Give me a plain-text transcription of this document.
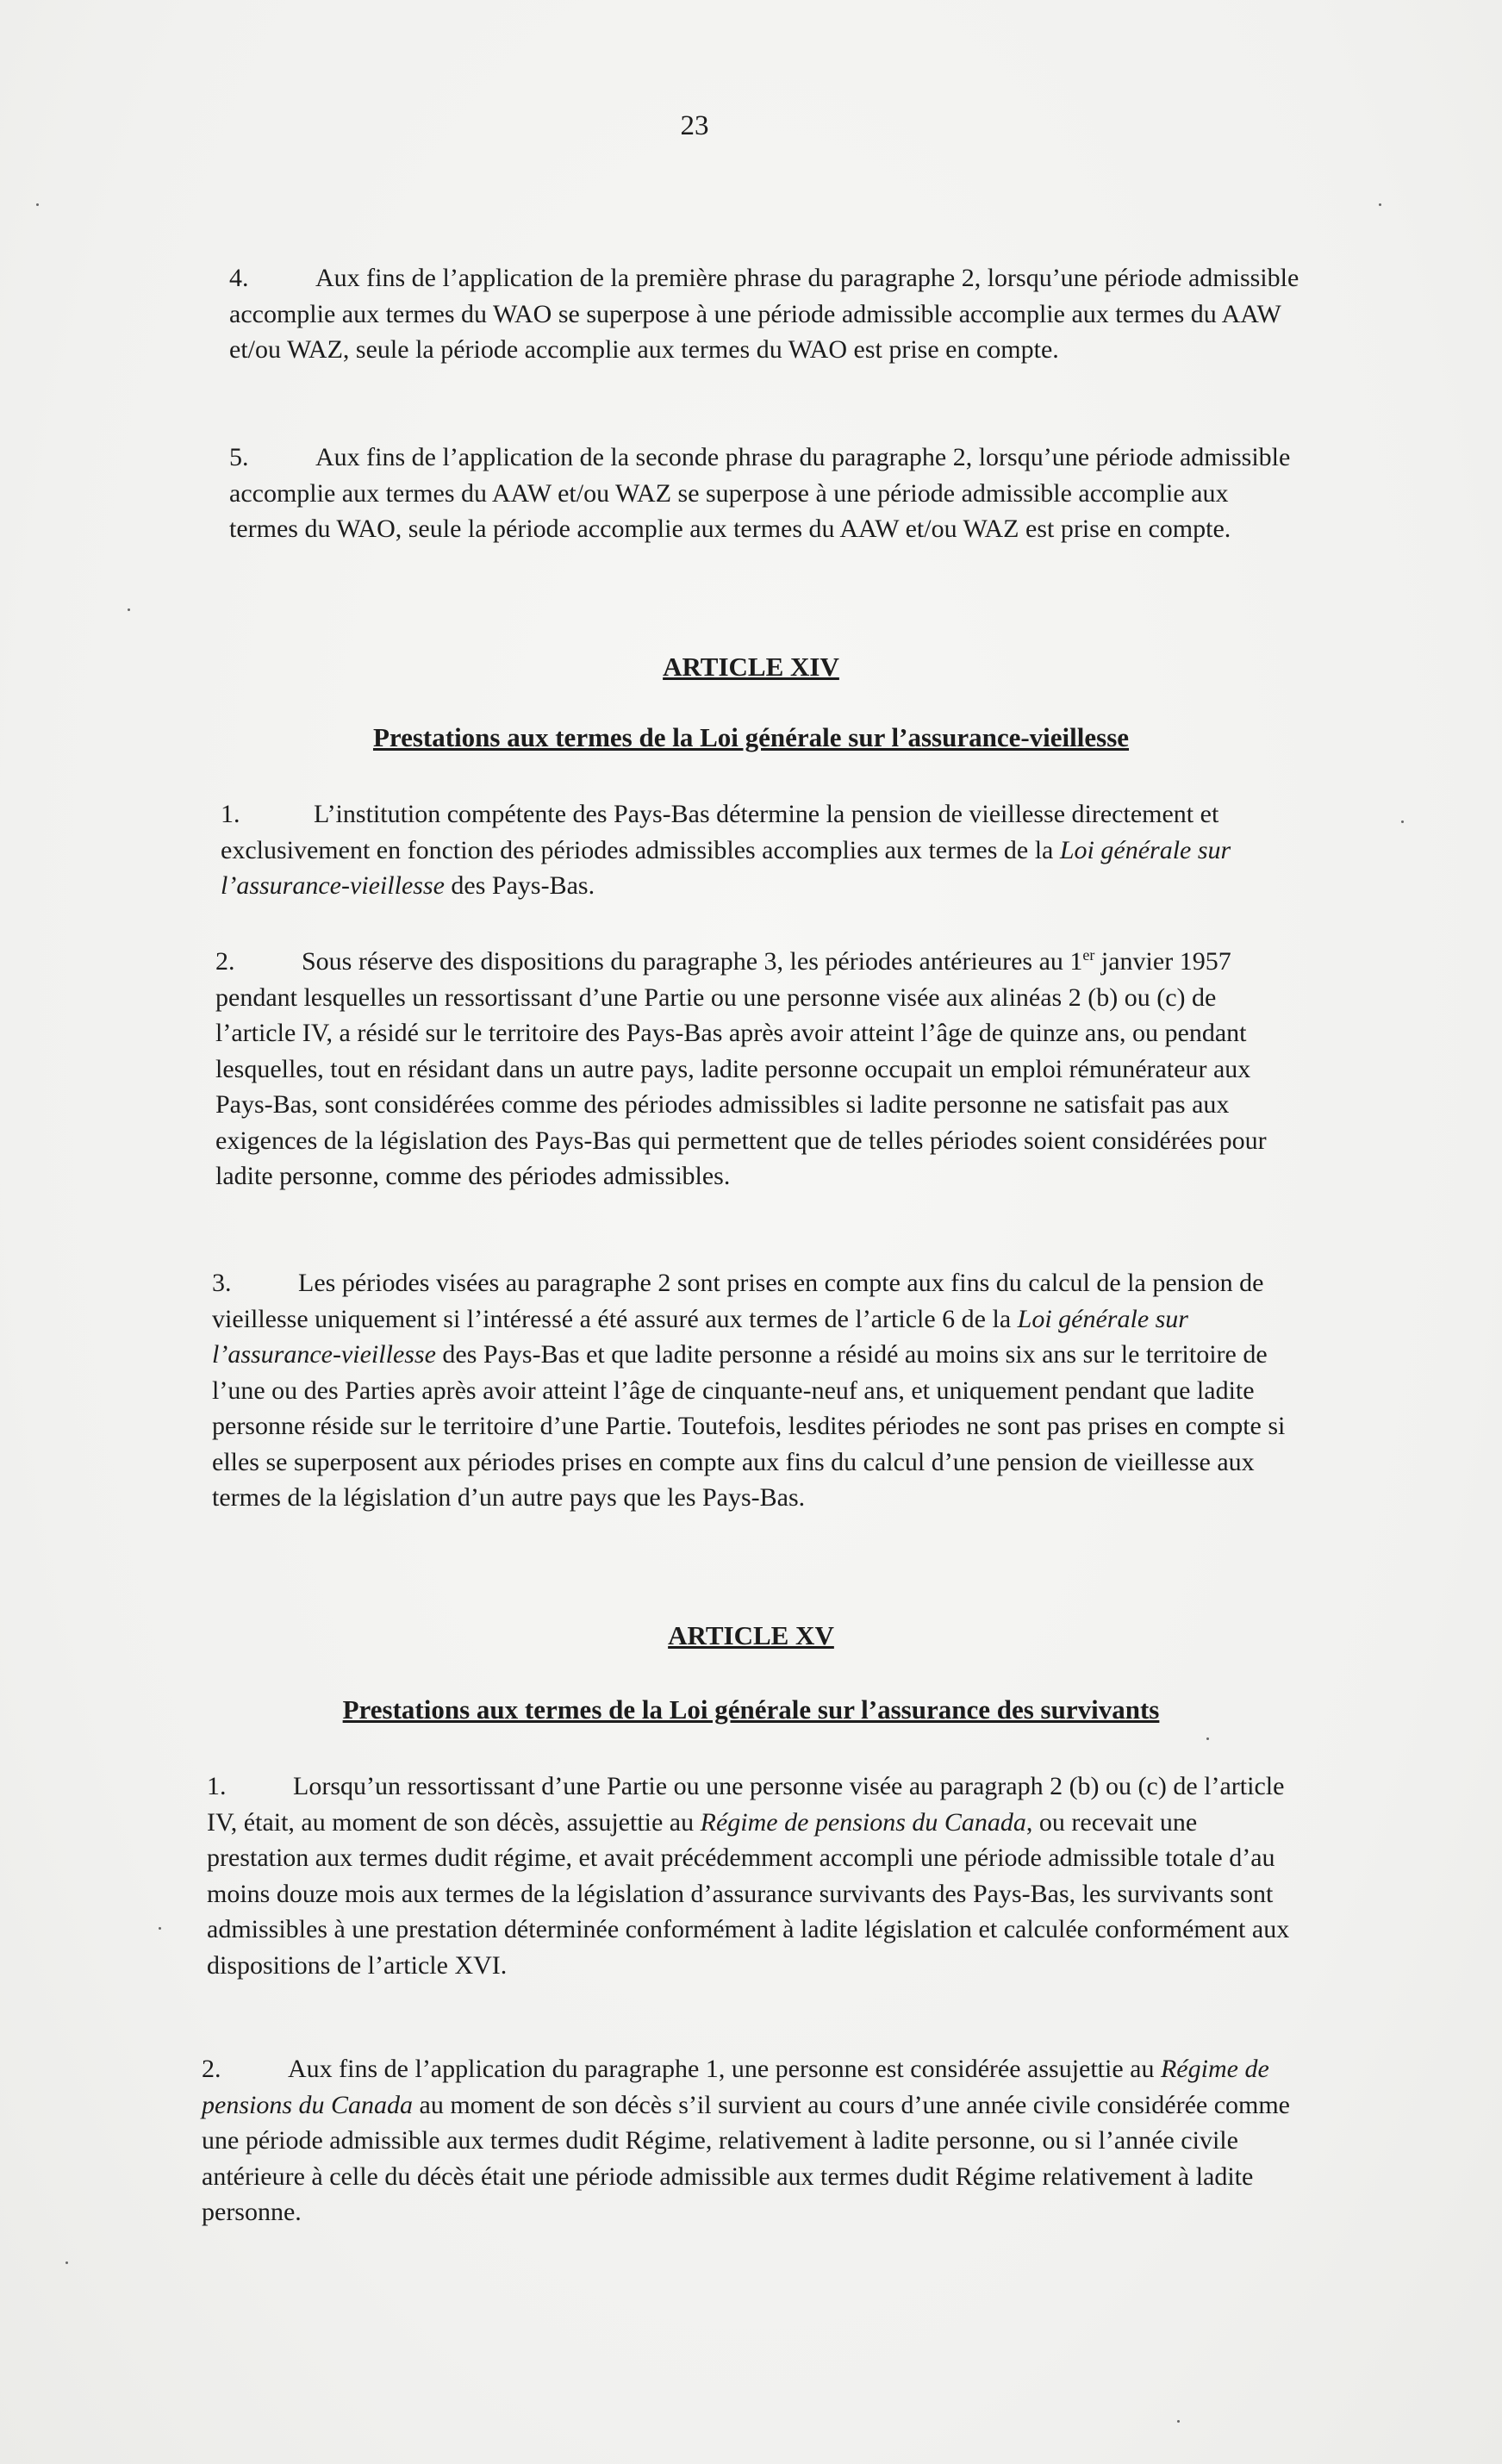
23

4.	Aux fins de l’application de la première phrase du paragraphe 2, lorsqu’une période admissible accomplie aux termes du WAO se superpose à une période admissible accomplie aux termes du AAW et/ou WAZ, seule la période accomplie aux termes du WAO est prise en compte.

5.	Aux fins de l’application de la seconde phrase du paragraphe 2, lorsqu’une période admissible accomplie aux termes du AAW et/ou WAZ se superpose à une période admissible accomplie aux termes du WAO, seule la période accomplie aux termes du AAW et/ou WAZ est prise en compte.

ARTICLE XIV
Prestations aux termes de la Loi générale sur l’assurance-vieillesse

1.	L’institution compétente des Pays-Bas détermine la pension de vieillesse directement et exclusivement en fonction des périodes admissibles accomplies aux termes de la Loi générale sur l’assurance-vieillesse des Pays-Bas.

2.	Sous réserve des dispositions du paragraphe 3, les périodes antérieures au 1er janvier 1957 pendant lesquelles un ressortissant d’une Partie ou une personne visée aux alinéas 2 (b) ou (c) de l’article IV, a résidé sur le territoire des Pays-Bas après avoir atteint l’âge de quinze ans, ou pendant lesquelles, tout en résidant dans un autre pays, ladite personne occupait un emploi rémunérateur aux Pays-Bas, sont considérées comme des périodes admissibles si ladite personne ne satisfait pas aux exigences de la législation des Pays-Bas qui permettent que de telles périodes soient considérées pour ladite personne, comme des périodes admissibles.

3.	Les périodes visées au paragraphe 2 sont prises en compte aux fins du calcul de la pension de vieillesse uniquement si l’intéressé a été assuré aux termes de l’article 6 de la Loi générale sur l’assurance-vieillesse des Pays-Bas et que ladite personne a résidé au moins six ans sur le territoire de l’une ou des Parties après avoir atteint l’âge de cinquante-neuf ans, et uniquement pendant que ladite personne réside sur le territoire d’une Partie. Toutefois, lesdites périodes ne sont pas prises en compte si elles se superposent aux périodes prises en compte aux fins du calcul d’une pension de vieillesse aux termes de la législation d’un autre pays que les Pays-Bas.

ARTICLE XV
Prestations aux termes de la Loi générale sur l’assurance des survivants

1.	Lorsqu’un ressortissant d’une Partie ou une personne visée au paragraph 2 (b) ou (c) de l’article IV, était, au moment de son décès, assujettie au Régime de pensions du Canada, ou recevait une prestation aux termes dudit régime, et avait précédemment accompli une période admissible totale d’au moins douze mois aux termes de la législation d’assurance survivants des Pays-Bas, les survivants sont admissibles à une prestation déterminée conformément à ladite législation et calculée conformément aux dispositions de l’article XVI.

2.	Aux fins de l’application du paragraphe 1, une personne est considérée assujettie au Régime de pensions du Canada au moment de son décès s’il survient au cours d’une année civile considérée comme une période admissible aux termes dudit Régime, relativement à ladite personne, ou si l’année civile antérieure à celle du décès était une période admissible aux termes dudit Régime relativement à ladite personne.
